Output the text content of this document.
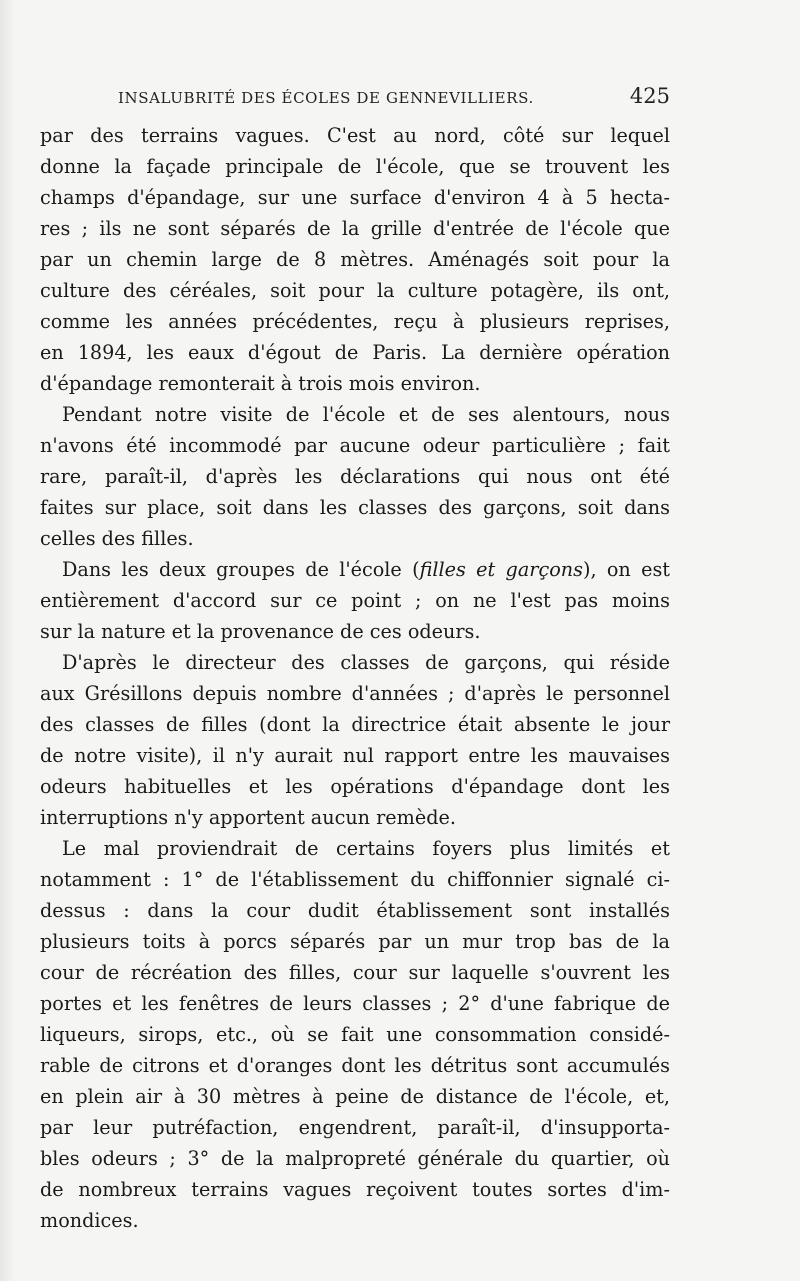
INSALUBRITÉ DES ÉCOLES DE GENNEVILLIERS.	425
par des terrains vagues. C'est au nord, côté sur lequel
donne la façade principale de l'école, que se trouvent les
champs d'épandage, sur une surface d'environ 4 à 5 hecta-
res ; ils ne sont séparés de la grille d'entrée de l'école que
par un chemin large de 8 mètres. Aménagés soit pour la
culture des céréales, soit pour la culture potagère, ils ont,
comme les années précédentes, reçu à plusieurs reprises,
en 1894, les eaux d'égout de Paris. La dernière opération
d'épandage remonterait à trois mois environ.
Pendant notre visite de l'école et de ses alentours, nous
n'avons été incommodé par aucune odeur particulière ; fait
rare, paraît-il, d'après les déclarations qui nous ont été
faites sur place, soit dans les classes des garçons, soit dans
celles des filles.
Dans les deux groupes de l'école (filles et garçons), on est
entièrement d'accord sur ce point ; on ne l'est pas moins
sur la nature et la provenance de ces odeurs.
D'après le directeur des classes de garçons, qui réside
aux Grésillons depuis nombre d'années ; d'après le personnel
des classes de filles (dont la directrice était absente le jour
de notre visite), il n'y aurait nul rapport entre les mauvaises
odeurs habituelles et les opérations d'épandage dont les
interruptions n'y apportent aucun remède.
Le mal proviendrait de certains foyers plus limités et
notamment : 1° de l'établissement du chiffonnier signalé ci-
dessus : dans la cour dudit établissement sont installés
plusieurs toits à porcs séparés par un mur trop bas de la
cour de récréation des filles, cour sur laquelle s'ouvrent les
portes et les fenêtres de leurs classes ; 2° d'une fabrique de
liqueurs, sirops, etc., où se fait une consommation considé-
rable de citrons et d'oranges dont les détritus sont accumulés
en plein air à 30 mètres à peine de distance de l'école, et,
par leur putréfaction, engendrent, paraît-il, d'insupporta-
bles odeurs ; 3° de la malpropreté générale du quartier, où
de nombreux terrains vagues reçoivent toutes sortes d'im-
mondices.
